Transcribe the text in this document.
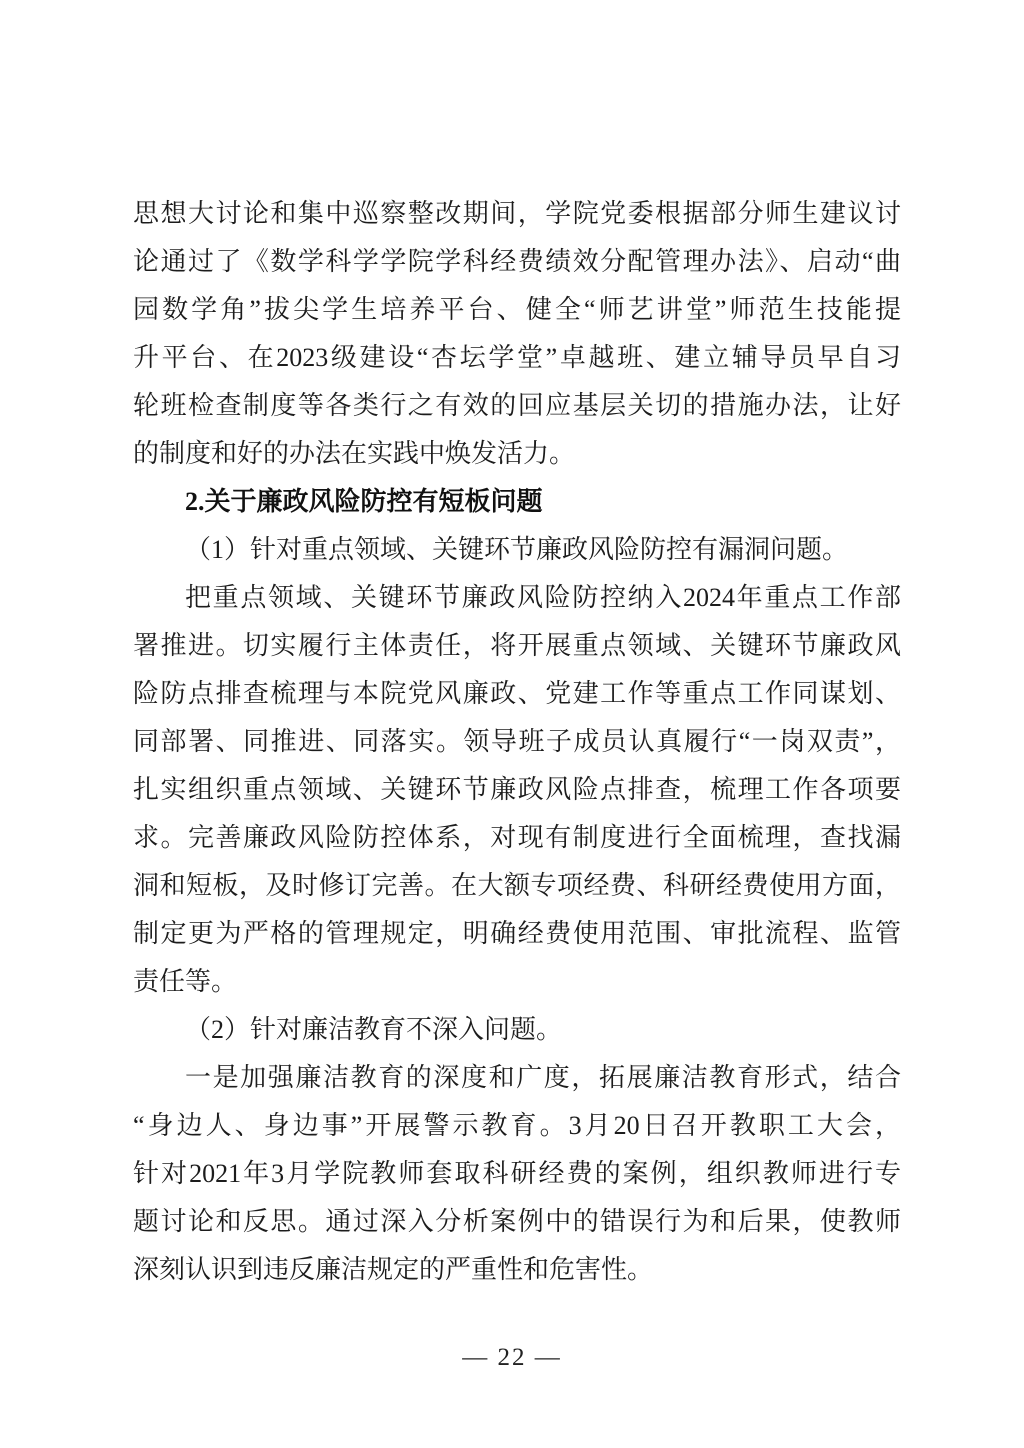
思想大讨论和集中巡察整改期间，学院党委根据部分师生建议讨
论通过了《数学科学学院学科经费绩效分配管理办法》、启动“曲
园数学角”拔尖学生培养平台、健全“师艺讲堂”师范生技能提
升平台、在2023级建设“杏坛学堂”卓越班、建立辅导员早自习
轮班检查制度等各类行之有效的回应基层关切的措施办法，让好
的制度和好的办法在实践中焕发活力。
2.关于廉政风险防控有短板问题
（1）针对重点领域、关键环节廉政风险防控有漏洞问题。
把重点领域、关键环节廉政风险防控纳入2024年重点工作部
署推进。切实履行主体责任，将开展重点领域、关键环节廉政风
险防点排查梳理与本院党风廉政、党建工作等重点工作同谋划、
同部署、同推进、同落实。领导班子成员认真履行“一岗双责”，
扎实组织重点领域、关键环节廉政风险点排查，梳理工作各项要
求。完善廉政风险防控体系，对现有制度进行全面梳理，查找漏
洞和短板，及时修订完善。在大额专项经费、科研经费使用方面，
制定更为严格的管理规定，明确经费使用范围、审批流程、监管
责任等。
（2）针对廉洁教育不深入问题。
一是加强廉洁教育的深度和广度，拓展廉洁教育形式，结合
“身边人、身边事”开展警示教育。3月20日召开教职工大会，
针对2021年3月学院教师套取科研经费的案例，组织教师进行专
题讨论和反思。通过深入分析案例中的错误行为和后果，使教师
深刻认识到违反廉洁规定的严重性和危害性。
— 22 —
